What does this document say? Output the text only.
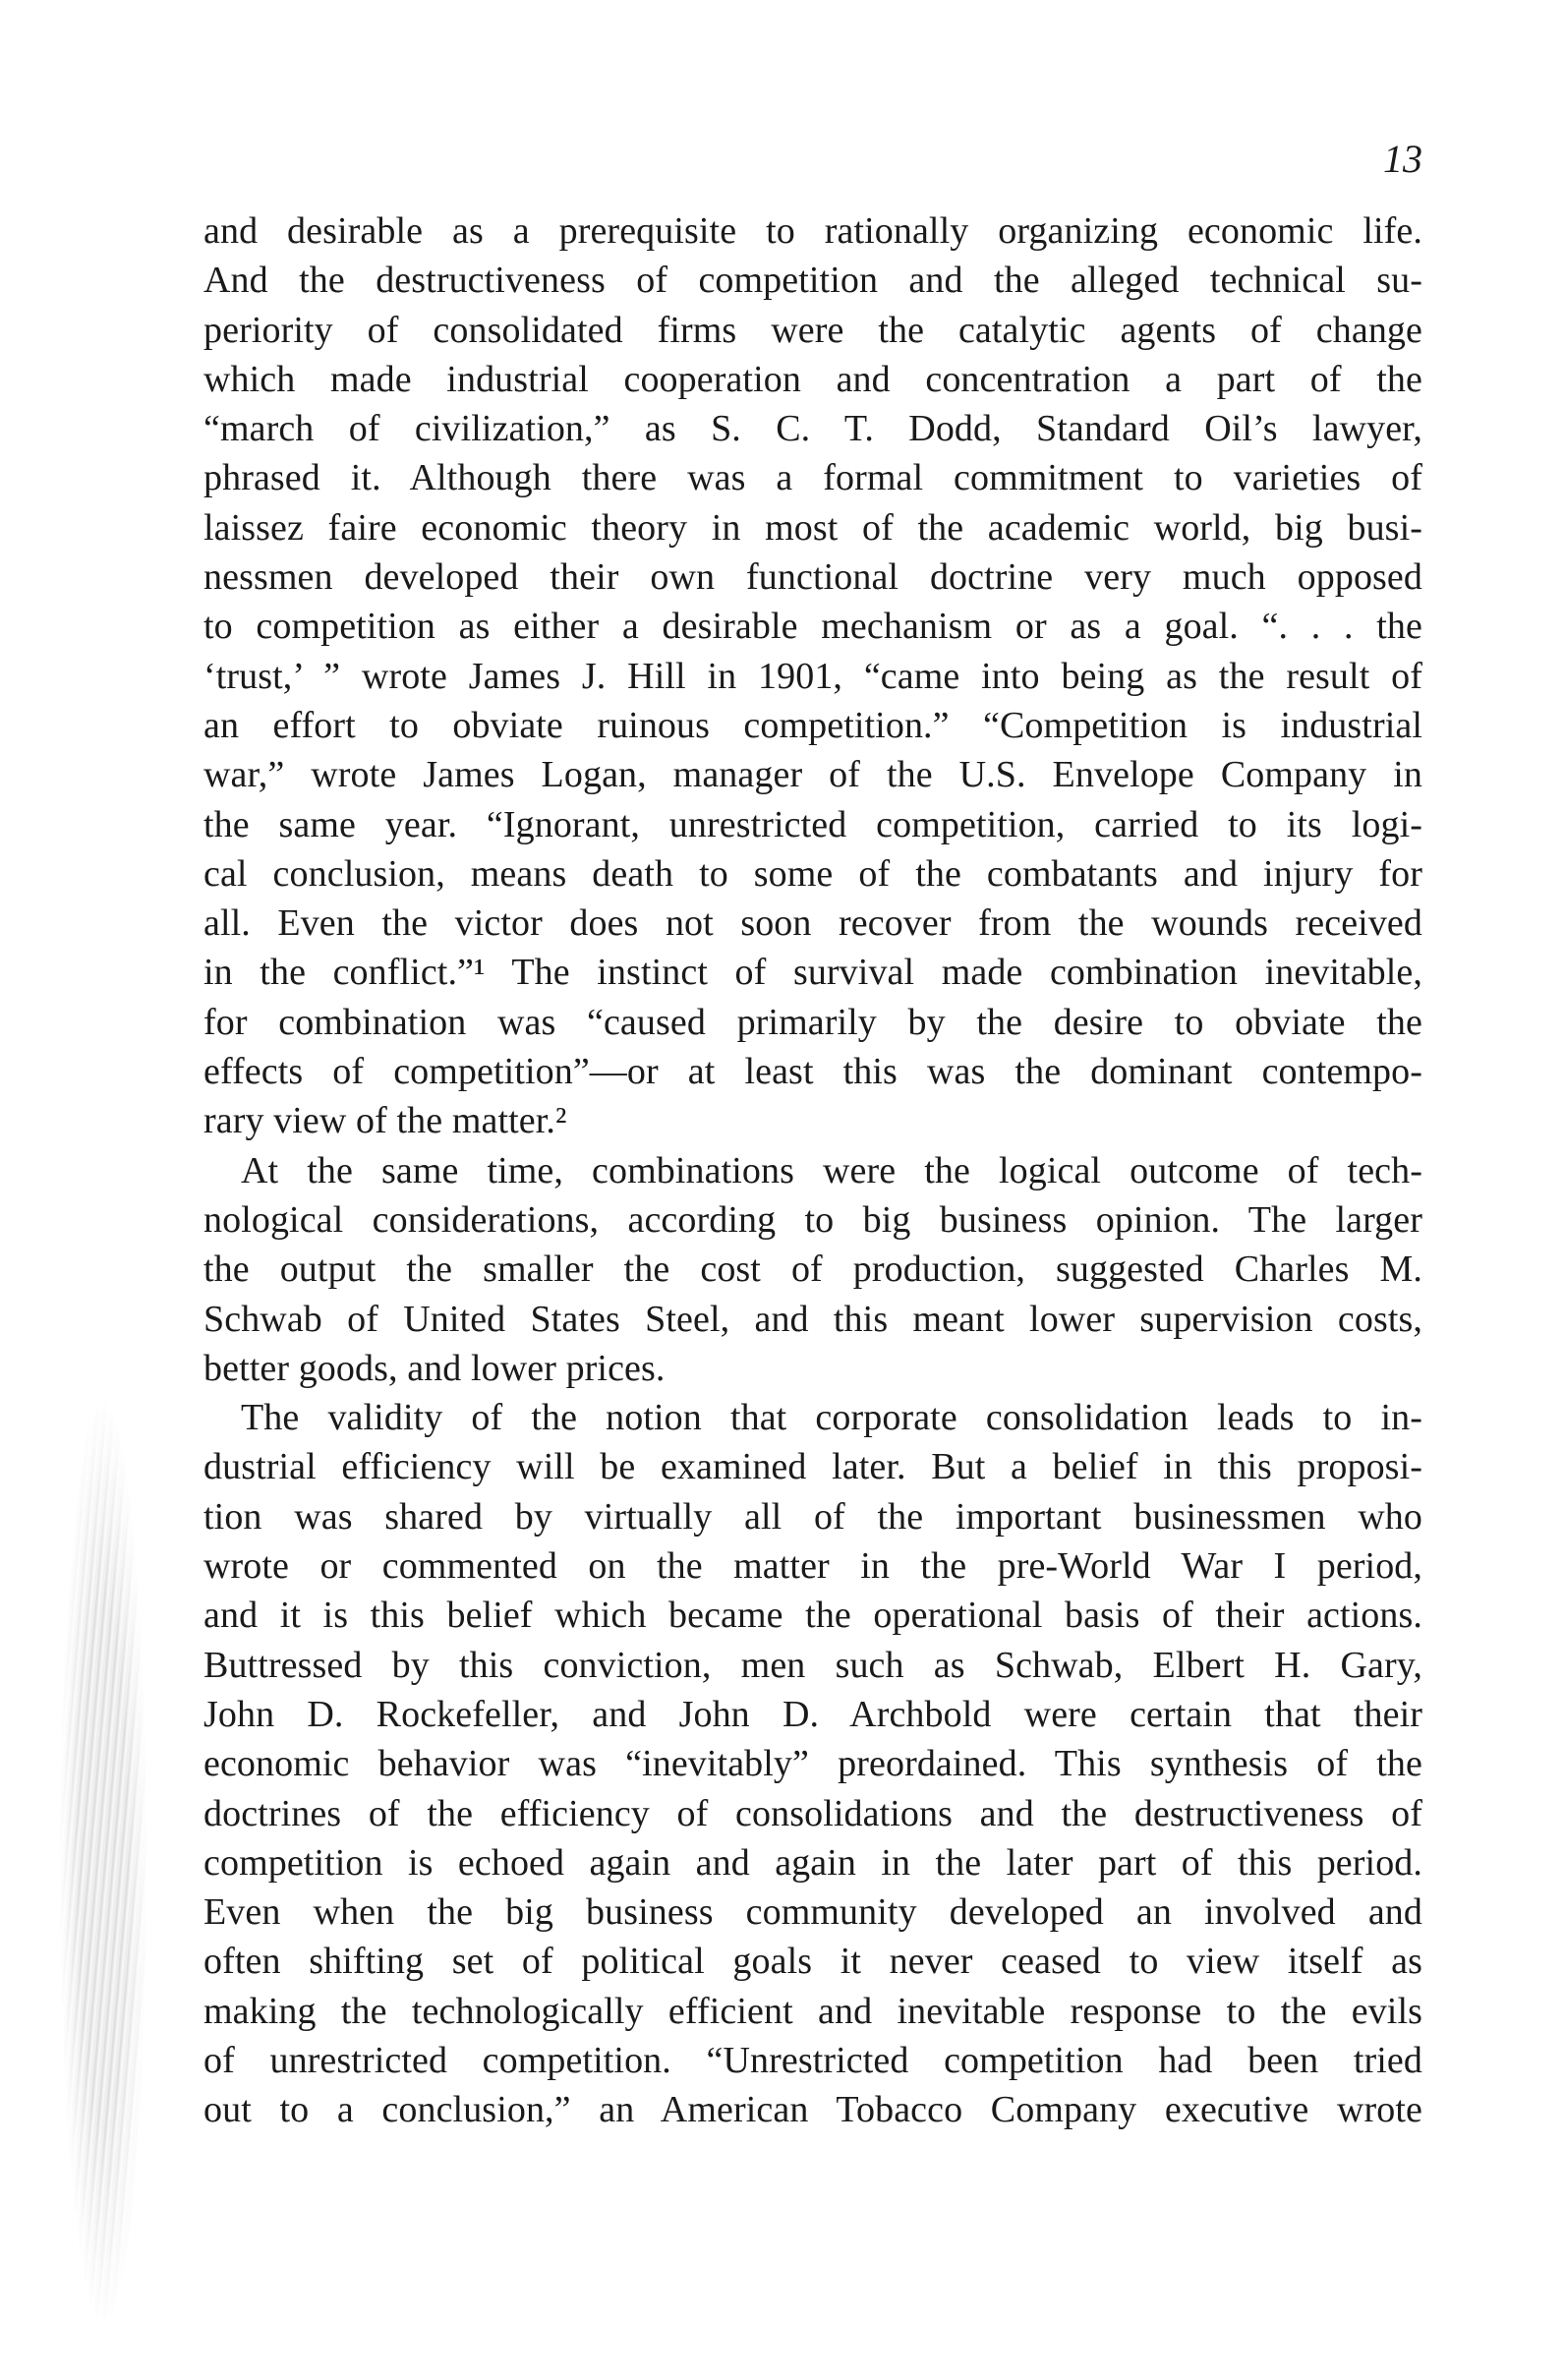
13
and desirable as a prerequisite to rationally organizing economic life.
And the destructiveness of competition and the alleged technical su-
periority of consolidated firms were the catalytic agents of change
which made industrial cooperation and concentration a part of the
“march of civilization,” as S. C. T. Dodd, Standard Oil’s lawyer,
phrased it. Although there was a formal commitment to varieties of
laissez faire economic theory in most of the academic world, big busi-
nessmen developed their own functional doctrine very much opposed
to competition as either a desirable mechanism or as a goal. “. . . the
‘trust,’ ” wrote James J. Hill in 1901, “came into being as the result of
an effort to obviate ruinous competition.” “Competition is industrial
war,” wrote James Logan, manager of the U.S. Envelope Company in
the same year. “Ignorant, unrestricted competition, carried to its logi-
cal conclusion, means death to some of the combatants and injury for
all. Even the victor does not soon recover from the wounds received
in the conflict.”¹ The instinct of survival made combination inevitable,
for combination was “caused primarily by the desire to obviate the
effects of competition”—or at least this was the dominant contempo-
rary view of the matter.²
At the same time, combinations were the logical outcome of tech-
nological considerations, according to big business opinion. The larger
the output the smaller the cost of production, suggested Charles M.
Schwab of United States Steel, and this meant lower supervision costs,
better goods, and lower prices.
The validity of the notion that corporate consolidation leads to in-
dustrial efficiency will be examined later. But a belief in this proposi-
tion was shared by virtually all of the important businessmen who
wrote or commented on the matter in the pre-World War I period,
and it is this belief which became the operational basis of their actions.
Buttressed by this conviction, men such as Schwab, Elbert H. Gary,
John D. Rockefeller, and John D. Archbold were certain that their
economic behavior was “inevitably” preordained. This synthesis of the
doctrines of the efficiency of consolidations and the destructiveness of
competition is echoed again and again in the later part of this period.
Even when the big business community developed an involved and
often shifting set of political goals it never ceased to view itself as
making the technologically efficient and inevitable response to the evils
of unrestricted competition. “Unrestricted competition had been tried
out to a conclusion,” an American Tobacco Company executive wrote
